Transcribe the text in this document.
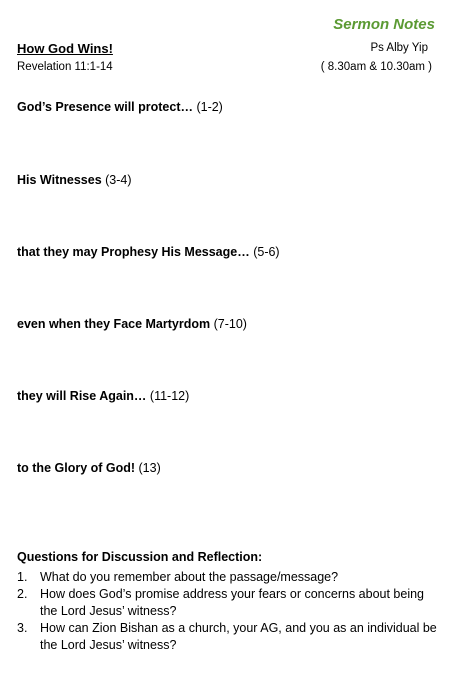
Sermon Notes
How God Wins!
Revelation 11:1-14
Ps Alby Yip
( 8.30am & 10.30am )
God’s Presence will protect… (1-2)
His Witnesses (3-4)
that they may Prophesy His Message… (5-6)
even when they Face Martyrdom (7-10)
they will Rise Again… (11-12)
to the Glory of God! (13)
Questions for Discussion and Reflection:
1.	What do you remember about the passage/message?
2.	How does God’s promise address your fears or concerns about being the Lord Jesus’ witness?
3.	How can Zion Bishan as a church, your AG, and you as an individual be the Lord Jesus’ witness?
